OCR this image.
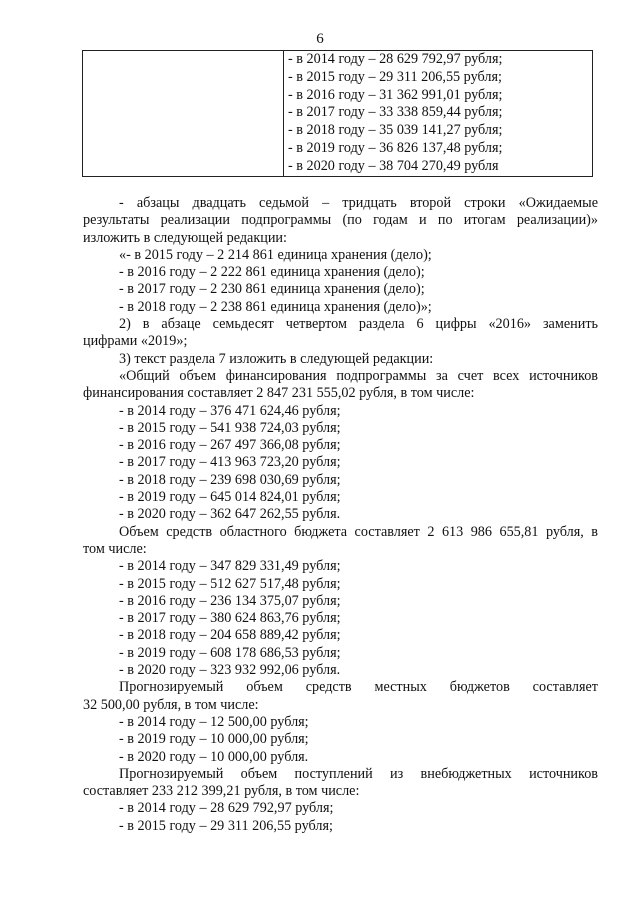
6

- в 2014 году – 28 629 792,97 рубля;
- в 2015 году – 29 311 206,55 рубля;
- в 2016 году – 31 362 991,01 рубля;
- в 2017 году – 33 338 859,44 рубля;
- в 2018 году – 35 039 141,27 рубля;
- в 2019 году – 36 826 137,48 рубля;
- в 2020 году – 38 704 270,49 рубля
- абзацы двадцать седьмой – тридцать второй строки «Ожидаемые
результаты реализации подпрограммы (по годам и по итогам реализации)»
изложить в следующей редакции:
«- в 2015 году – 2 214 861 единица хранения (дело);
- в 2016 году – 2 222 861 единица хранения (дело);
- в 2017 году – 2 230 861 единица хранения (дело);
- в 2018 году – 2 238 861 единица хранения (дело)»;
2) в абзаце семьдесят четвертом раздела 6 цифры «2016» заменить
цифрами «2019»;
3) текст раздела 7 изложить в следующей редакции:
«Общий объем финансирования подпрограммы за счет всех источников
финансирования составляет 2 847 231 555,02 рубля, в том числе:
- в 2014 году – 376 471 624,46 рубля;
- в 2015 году – 541 938 724,03 рубля;
- в 2016 году – 267 497 366,08 рубля;
- в 2017 году – 413 963 723,20 рубля;
- в 2018 году – 239 698 030,69 рубля;
- в 2019 году – 645 014 824,01 рубля;
- в 2020 году – 362 647 262,55 рубля.
Объем средств областного бюджета составляет 2 613 986 655,81 рубля, в
том числе:
- в 2014 году – 347 829 331,49 рубля;
- в 2015 году – 512 627 517,48 рубля;
- в 2016 году – 236 134 375,07 рубля;
- в 2017 году – 380 624 863,76 рубля;
- в 2018 году – 204 658 889,42 рубля;
- в 2019 году – 608 178 686,53 рубля;
- в 2020 году – 323 932 992,06 рубля.
Прогнозируемый объем средств местных бюджетов составляет
32 500,00 рубля, в том числе:
- в 2014 году – 12 500,00 рубля;
- в 2019 году – 10 000,00 рубля;
- в 2020 году – 10 000,00 рубля.
Прогнозируемый объем поступлений из внебюджетных источников
составляет 233 212 399,21 рубля, в том числе:
- в 2014 году – 28 629 792,97 рубля;
- в 2015 году – 29 311 206,55 рубля;
